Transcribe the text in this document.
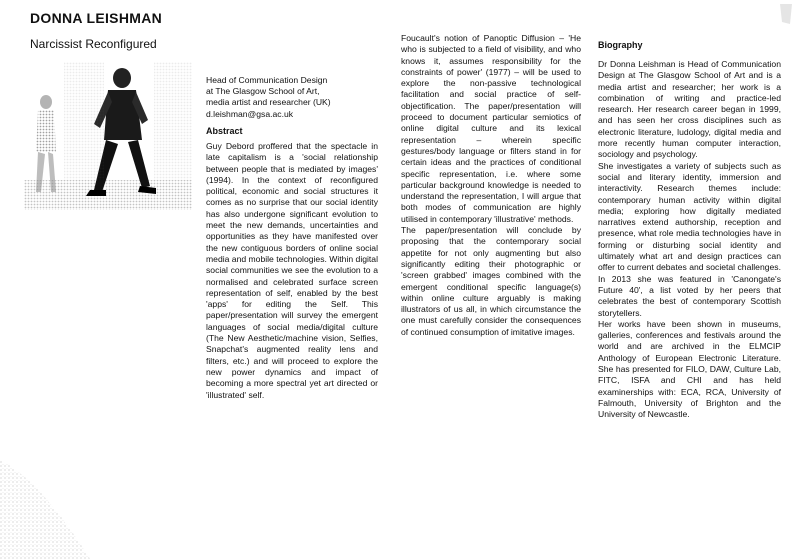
DONNA LEISHMAN
Narcissist Reconfigured
Head of Communication Design
at The Glasgow School of Art,
media artist and researcher (UK)
d.leishman@gsa.ac.uk
Abstract

Guy Debord proffered that the spectacle in late capitalism is a 'social relationship between people that is mediated by images' (1994). In the context of reconfigured political, economic and social structures it comes as no surprise that our social identity has also undergone significant evolution to meet the new demands, uncertainties and opportunities as they have manifested over the new contiguous borders of online social media and mobile technologies. Within digital social communities we see the evolution to a normalised and celebrated surface screen representation of self, enabled by the best 'apps' for editing the Self. This paper/presentation will survey the emergent languages of social media/digital culture (The New Aesthetic/machine vision, Selfies, Snapchat's augmented reality lens and filters, etc.) and will proceed to explore the new power dynamics and impact of becoming a more spectral yet art directed or 'illustrated' self.

Foucault's notion of Panoptic Diffusion – 'He who is subjected to a field of visibility, and who knows it, assumes responsibility for the constraints of power' (1977) – will be used to explore the non-passive technological facilitation and social practice of self-objectification. The paper/presentation will proceed to document particular semiotics of online digital culture and its lexical representation – wherein specific gestures/body language or filters stand in for certain ideas and the practices of conditional specific representation, i.e. where some particular background knowledge is needed to understand the representation, I will argue that both modes of communication are highly utilised in contemporary 'illustrative' methods.

The paper/presentation will conclude by proposing that the contemporary social appetite for not only augmenting but also significantly editing their photographic or 'screen grabbed' images combined with the emergent conditional specific language(s) within online culture arguably is making illustrators of us all, in which circumstance the one must carefully consider the consequences of continued consumption of imitative images.

Biography

Dr Donna Leishman is Head of Communication Design at The Glasgow School of Art and is a media artist and researcher; her work is a combination of writing and practice-led research. Her research career began in 1999, and has seen her cross disciplines such as electronic literature, ludology, digital media and more recently human computer interaction, sociology and psychology.

She investigates a variety of subjects such as social and literary identity, immersion and interactivity. Research themes include: contemporary human activity within digital media; exploring how digitally mediated narratives extend authorship, reception and presence, what role media technologies have in forming or disturbing social identity and ultimately what art and design practices can offer to current debates and societal challenges. In 2013 she was featured in 'Canongate's Future 40', a list voted by her peers that celebrates the best of contemporary Scottish storytellers.

Her works have been shown in museums, galleries, conferences and festivals around the world and are archived in the ELMCIP Anthology of European Electronic Literature. She has presented for FILO, DAW, Culture Lab, FITC, ISFA and CHI and has held examinerships with: ECA, RCA, University of Falmouth, University of Brighton and the University of Newcastle.
